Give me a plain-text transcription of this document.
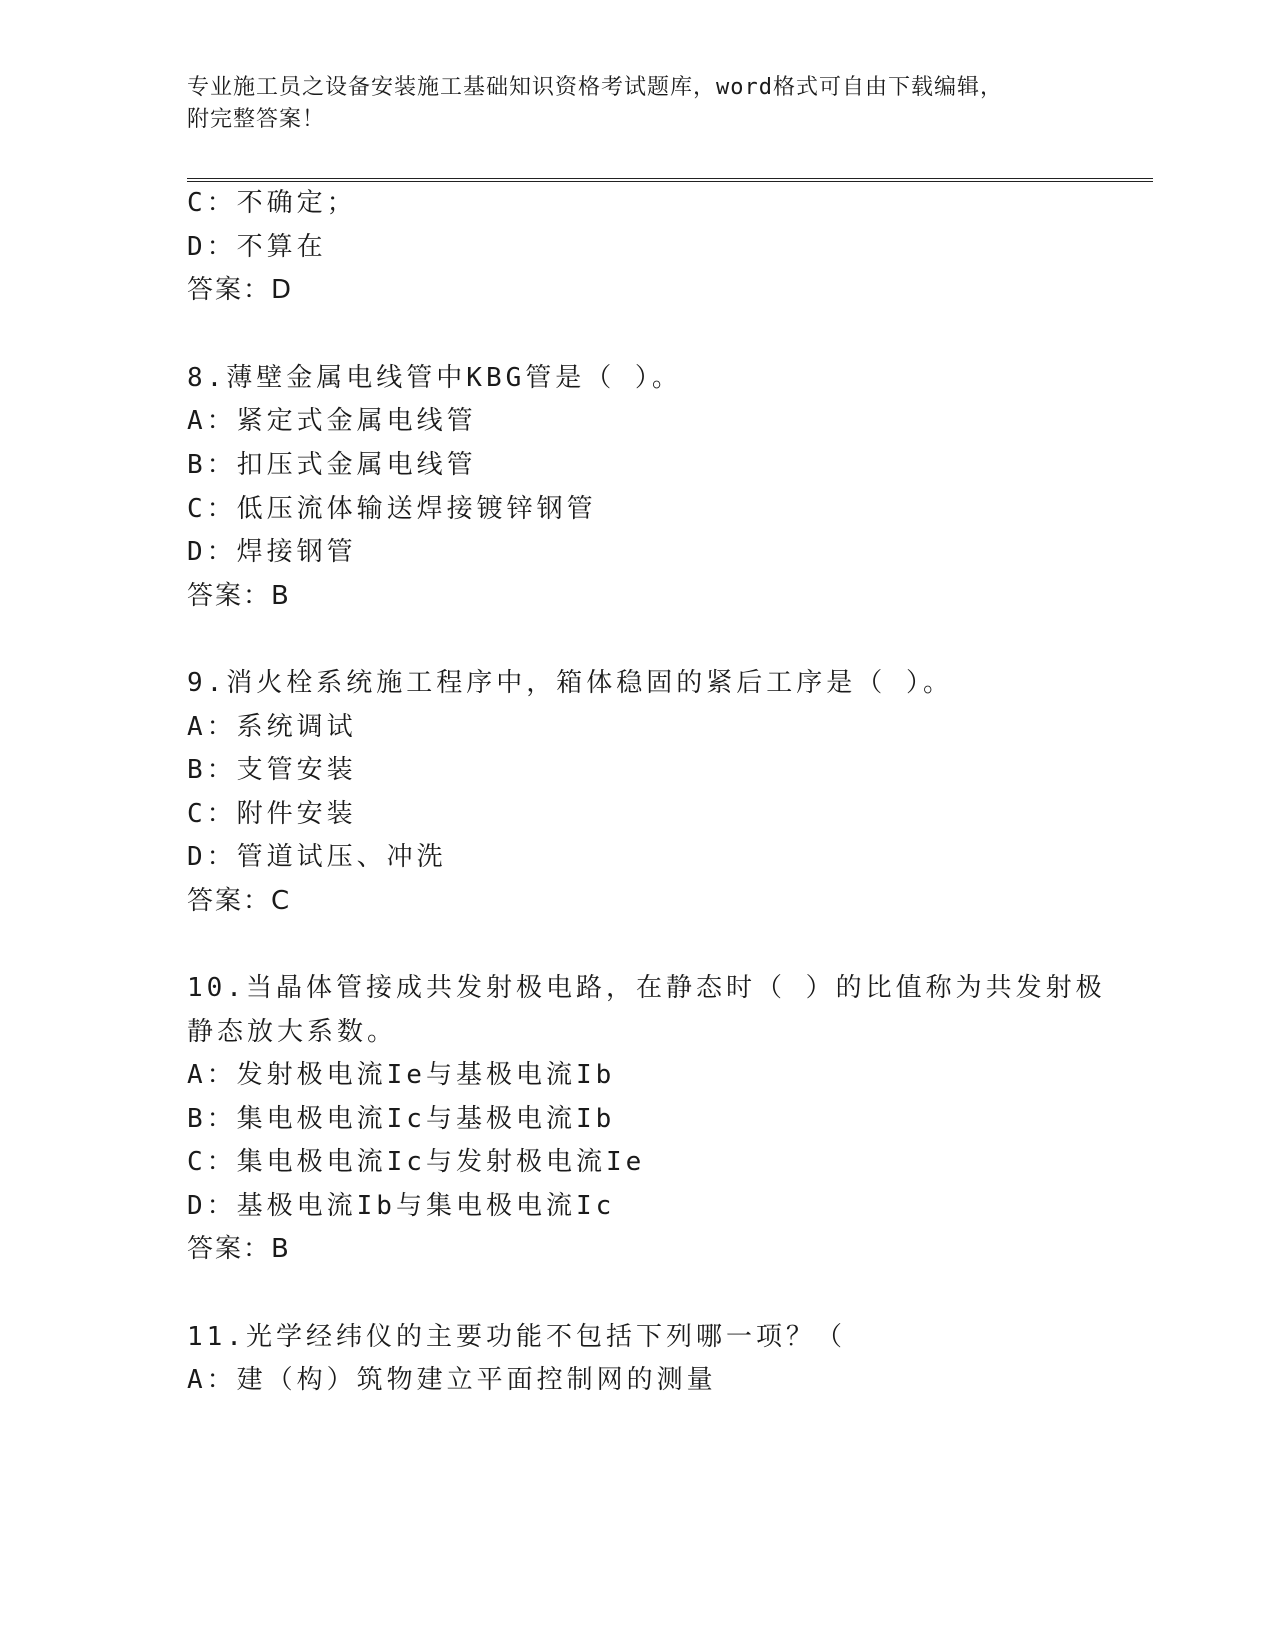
专业施工员之设备安装施工基础知识资格考试题库，word格式可自由下载编辑，
附完整答案！
C：不确定；
D：不算在
答案：D
8.薄壁金属电线管中KBG管是（ ）。
A：紧定式金属电线管
B：扣压式金属电线管
C：低压流体输送焊接镀锌钢管
D：焊接钢管
答案：B
9.消火栓系统施工程序中，箱体稳固的紧后工序是（ ）。
A：系统调试
B：支管安装
C：附件安装
D：管道试压、冲洗
答案：C
10.当晶体管接成共发射极电路，在静态时（ ）的比值称为共发射极
静态放大系数。
A：发射极电流Ie与基极电流Ib
B：集电极电流Ic与基极电流Ib
C：集电极电流Ic与发射极电流Ie
D：基极电流Ib与集电极电流Ic
答案：B
11.光学经纬仪的主要功能不包括下列哪一项？（
A：建（构）筑物建立平面控制网的测量
